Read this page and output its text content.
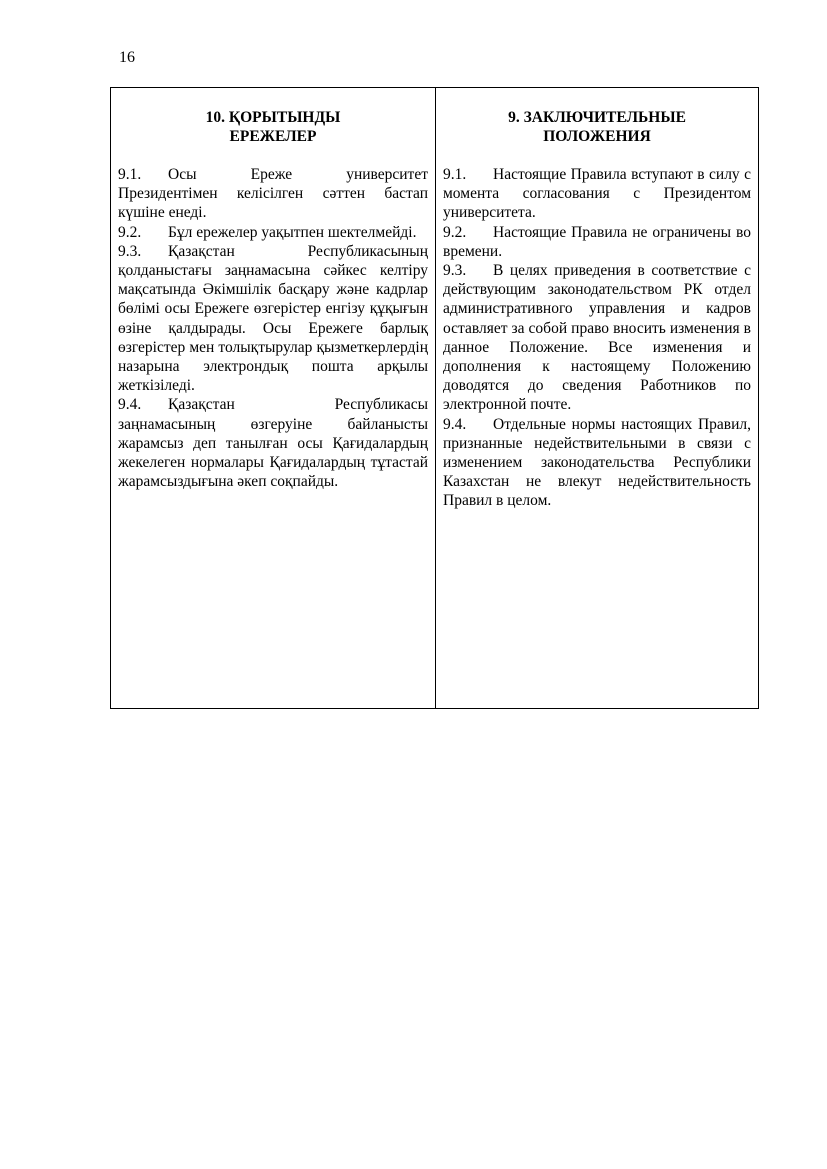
16
10. ҚОРЫТЫНДЫ
ЕРЕЖЕЛЕР

9.1. Осы Ереже университет Президентімен келісілген сәттен бастап күшіне енеді.

9.2. Бұл ережелер уақытпен шектелмейді.

9.3. Қазақстан Республикасының қолданыстағы заңнамасына сәйкес келтіру мақсатында Әкімшілік басқару және кадрлар бөлімі осы Ережеге өзгерістер енгізу құқығын өзіне қалдырады. Осы Ережеге барлық өзгерістер мен толықтырулар қызметкерлердің назарына электрондық пошта арқылы жеткізіледі.

9.4. Қазақстан Республикасы заңнамасының өзгеруіне байланысты жарамсыз деп танылған осы Қағидалардың жекелеген нормалары Қағидалардың тұтастай жарамсыздығына әкеп соқпайды.

9. ЗАКЛЮЧИТЕЛЬНЫЕ
ПОЛОЖЕНИЯ

9.1. Настоящие Правила вступают в силу с момента согласования с Президентом университета.

9.2. Настоящие Правила не ограничены во времени.

9.3. В целях приведения в соответствие с действующим законодательством РК отдел административного управления и кадров оставляет за собой право вносить изменения в данное Положение. Все изменения и дополнения к настоящему Положению доводятся до сведения Работников по электронной почте.

9.4. Отдельные нормы настоящих Правил, признанные недействительными в связи с изменением законодательства Республики Казахстан не влекут недействительность Правил в целом.
